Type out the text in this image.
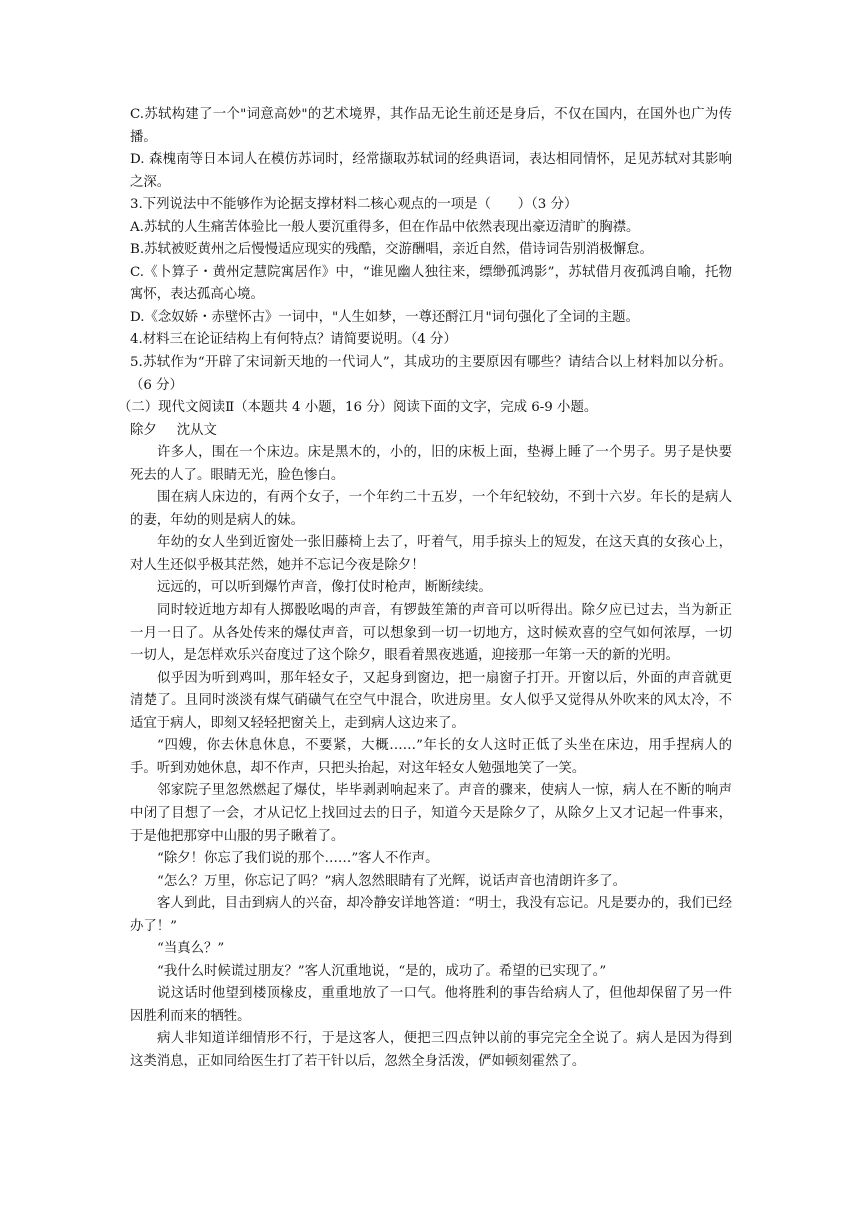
C.苏轼构建了一个"词意高妙"的艺术境界，其作品无论生前还是身后，不仅在国内，在国外也广为传播。

D. 森槐南等日本词人在模仿苏词时，经常撷取苏轼词的经典语词，表达相同情怀，足见苏轼对其影响之深。

3.下列说法中不能够作为论据支撑材料二核心观点的一项是（　　）（3 分）

A.苏轼的人生痛苦体验比一般人要沉重得多，但在作品中依然表现出豪迈清旷的胸襟。

B.苏轼被贬黄州之后慢慢适应现实的残酷，交游酬唱，亲近自然，借诗词告别消极懈怠。

C.《卜算子・黄州定慧院寓居作》中，“谁见幽人独往来，缥缈孤鸿影”，苏轼借月夜孤鸿自喻，托物寓怀，表达孤高心境。

D.《念奴娇・赤壁怀古》一词中，"人生如梦，一尊还酹江月"词句强化了全词的主题。

4.材料三在论证结构上有何特点？请简要说明。（4 分）

5.苏轼作为“开辟了宋词新天地的一代词人”，其成功的主要原因有哪些？请结合以上材料加以分析。（6 分）

（二）现代文阅读Ⅱ（本题共 4 小题，16 分）阅读下面的文字，完成 6-9 小题。

除夕 沈从文

许多人，围在一个床边。床是黑木的，小的，旧的床板上面，垫褥上睡了一个男子。男子是快要死去的人了。眼睛无光，脸色惨白。

围在病人床边的，有两个女子，一个年约二十五岁，一个年纪较幼，不到十六岁。年长的是病人的妻，年幼的则是病人的妹。

年幼的女人坐到近窗处一张旧藤椅上去了，吁着气，用手掠头上的短发，在这天真的女孩心上，对人生还似乎极其茫然，她并不忘记今夜是除夕！

远远的，可以听到爆竹声音，像打仗时枪声，断断续续。

同时较近地方却有人掷骰吆喝的声音，有锣鼓笙箫的声音可以听得出。除夕应已过去，当为新正一月一日了。从各处传来的爆仗声音，可以想象到一切一切地方，这时候欢喜的空气如何浓厚，一切一切人，是怎样欢乐兴奋度过了这个除夕，眼看着黑夜逃遁，迎接那一年第一天的新的光明。

似乎因为听到鸡叫，那年轻女子，又起身到窗边，把一扇窗子打开。开窗以后，外面的声音就更清楚了。且同时淡淡有煤气硝磺气在空气中混合，吹进房里。女人似乎又觉得从外吹来的风太冷，不适宜于病人，即刻又轻轻把窗关上，走到病人这边来了。

“四嫂，你去休息休息，不要紧，大概……”年长的女人这时正低了头坐在床边，用手捏病人的手。听到劝她休息，却不作声，只把头抬起，对这年轻女人勉强地笑了一笑。

邻家院子里忽然燃起了爆仗，毕毕剥剥响起来了。声音的骤来，使病人一惊，病人在不断的响声中闭了目想了一会，才从记忆上找回过去的日子，知道今天是除夕了，从除夕上又才记起一件事来，于是他把那穿中山服的男子瞅着了。

“除夕！你忘了我们说的那个……”客人不作声。

“怎么？万里，你忘记了吗？”病人忽然眼睛有了光辉，说话声音也清朗许多了。

客人到此，目击到病人的兴奋，却冷静安详地答道：“明士，我没有忘记。凡是要办的，我们已经办了！”

“当真么？”

“我什么时候谎过朋友？”客人沉重地说，“是的，成功了。希望的已实现了。”

说这话时他望到楼顶椽皮，重重地放了一口气。他将胜利的事告给病人了，但他却保留了另一件因胜利而来的牺牲。

病人非知道详细情形不行，于是这客人，便把三四点钟以前的事完完全全说了。病人是因为得到这类消息，正如同给医生打了若干针以后，忽然全身活泼，俨如顿刻霍然了。
